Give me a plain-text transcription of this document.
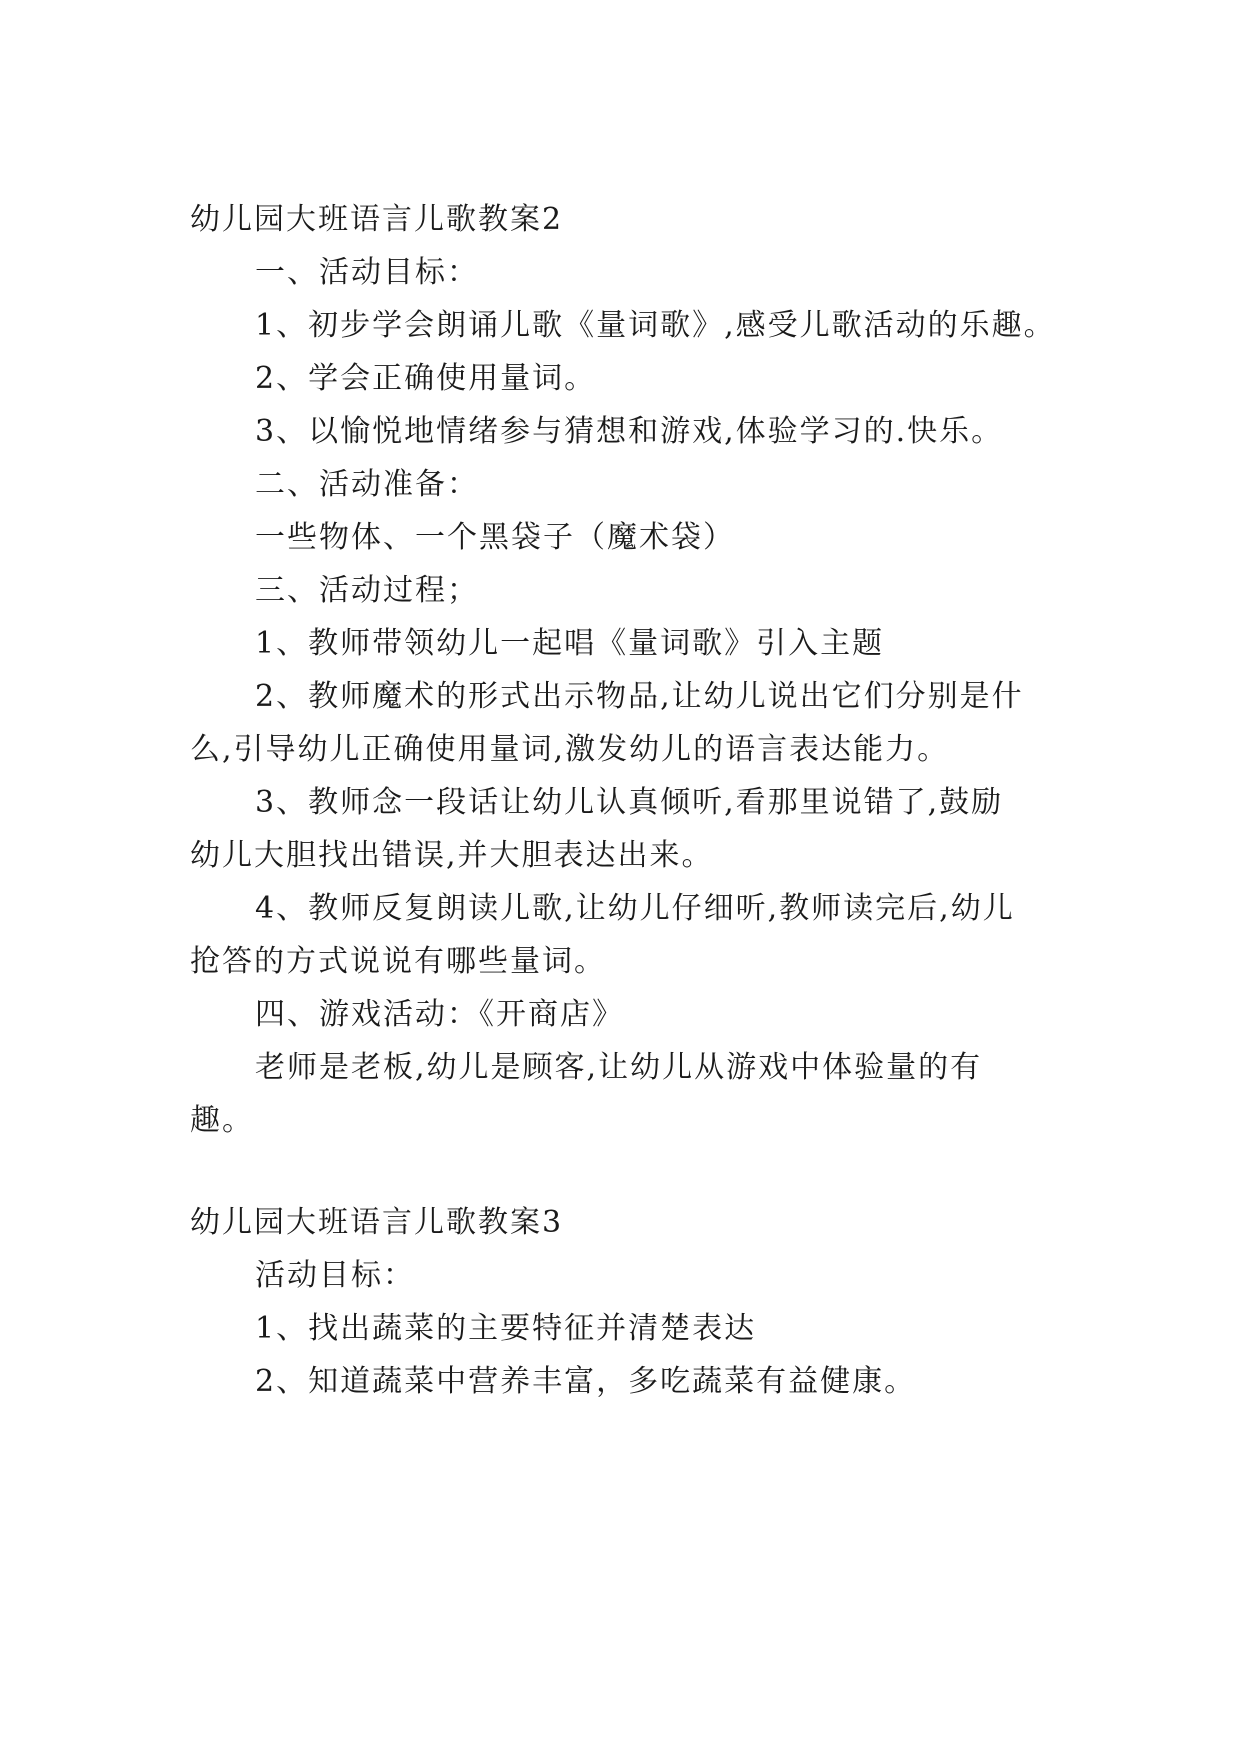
幼儿园大班语言儿歌教案2

一、活动目标：

1、初步学会朗诵儿歌《量词歌》,感受儿歌活动的乐趣。

2、学会正确使用量词。

3、以愉悦地情绪参与猜想和游戏,体验学习的.快乐。

二、活动准备：

一些物体、一个黑袋子（魔术袋）

三、活动过程；

1、教师带领幼儿一起唱《量词歌》引入主题

2、教师魔术的形式出示物品,让幼儿说出它们分别是什

么,引导幼儿正确使用量词,激发幼儿的语言表达能力。

3、教师念一段话让幼儿认真倾听,看那里说错了,鼓励

幼儿大胆找出错误,并大胆表达出来。

4、教师反复朗读儿歌,让幼儿仔细听,教师读完后,幼儿

抢答的方式说说有哪些量词。

四、游戏活动：《开商店》

老师是老板,幼儿是顾客,让幼儿从游戏中体验量的有

趣。

幼儿园大班语言儿歌教案3

活动目标：

1、找出蔬菜的主要特征并清楚表达

2、知道蔬菜中营养丰富，多吃蔬菜有益健康。
